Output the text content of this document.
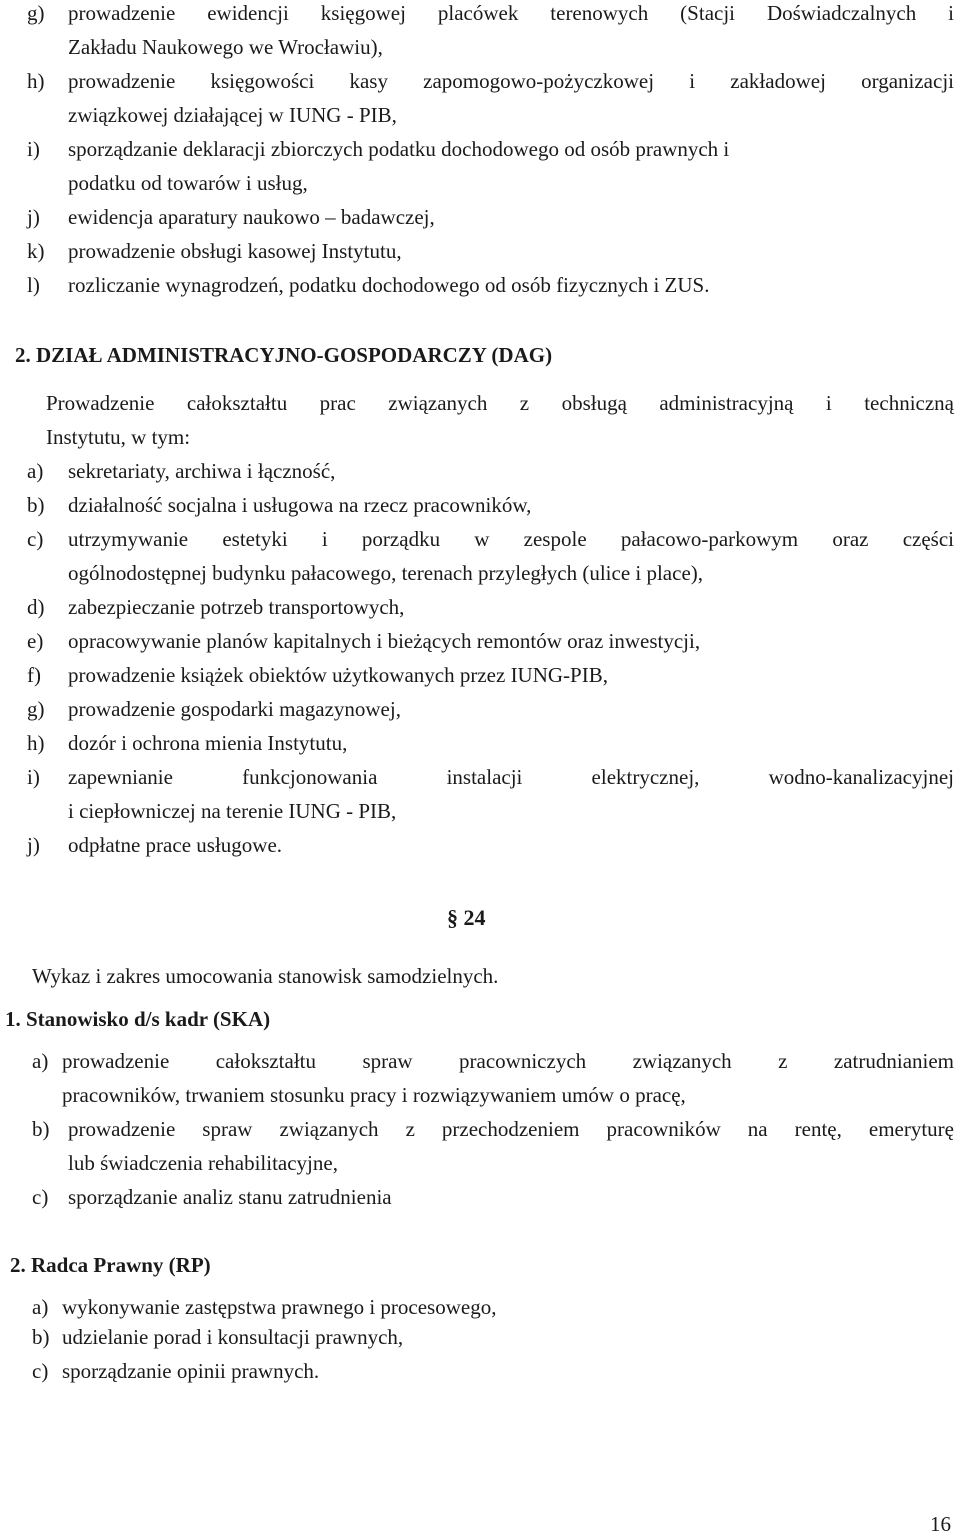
g) prowadzenie ewidencji księgowej placówek terenowych (Stacji Doświadczalnych i
Zakładu Naukowego we Wrocławiu),
h) prowadzenie księgowości kasy zapomogowo-pożyczkowej i zakładowej organizacji
związkowej działającej w IUNG - PIB,
i) sporządzanie deklaracji zbiorczych podatku dochodowego od osób prawnych i
podatku od towarów i usług,
j) ewidencja aparatury naukowo – badawczej,
k) prowadzenie obsługi kasowej Instytutu,
l) rozliczanie wynagrodzeń, podatku dochodowego od osób fizycznych i ZUS.
2. DZIAŁ ADMINISTRACYJNO-GOSPODARCZY (DAG)
Prowadzenie całokształtu prac związanych z obsługą administracyjną i techniczną
Instytutu, w tym:
a) sekretariaty, archiwa i łączność,
b) działalność socjalna i usługowa na rzecz pracowników,
c) utrzymywanie estetyki i porządku w zespole pałacowo-parkowym oraz części
ogólnodostępnej budynku pałacowego, terenach przyległych (ulice i place),
d) zabezpieczanie potrzeb transportowych,
e) opracowywanie planów kapitalnych i bieżących remontów oraz inwestycji,
f) prowadzenie książek obiektów użytkowanych przez IUNG-PIB,
g) prowadzenie gospodarki magazynowej,
h) dozór i ochrona mienia Instytutu,
i) zapewnianie funkcjonowania instalacji elektrycznej, wodno-kanalizacyjnej
i ciepłowniczej na terenie IUNG - PIB,
j) odpłatne prace usługowe.
§ 24
Wykaz i zakres umocowania stanowisk samodzielnych.
1. Stanowisko d/s kadr (SKA)
a) prowadzenie całokształtu spraw pracowniczych związanych z zatrudnianiem
pracowników, trwaniem stosunku pracy i rozwiązywaniem umów o pracę,
b) prowadzenie spraw związanych z przechodzeniem pracowników na rentę, emeryturę
lub świadczenia rehabilitacyjne,
c) sporządzanie analiz stanu zatrudnienia
2. Radca Prawny (RP)
a) wykonywanie zastępstwa prawnego i procesowego,
b) udzielanie porad i konsultacji prawnych,
c) sporządzanie opinii prawnych.
16
